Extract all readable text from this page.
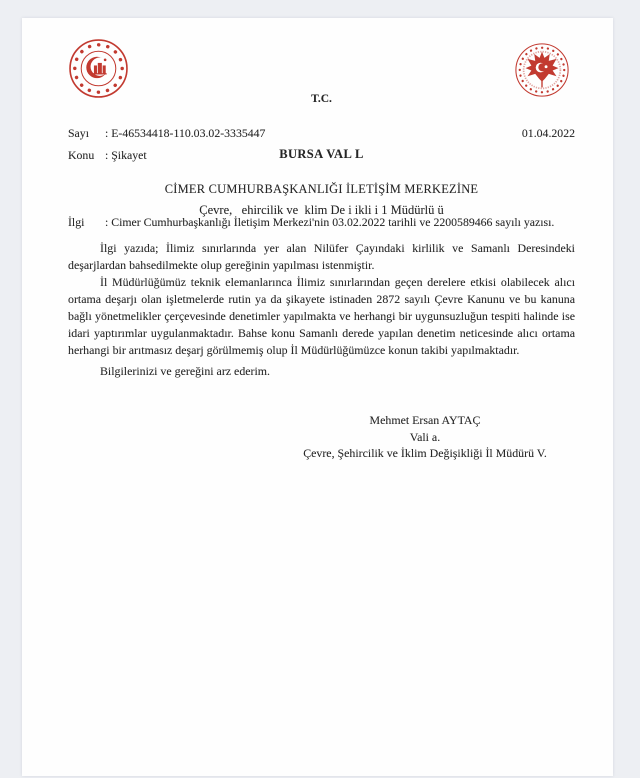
T.C.

BURSA VAL L

Çevre,   ehircilik ve  klim De i ikli i 1 Müdürlü ü

Sayı	: E-46534418-110.03.02-3335447	01.04.2022
Konu : Şikayet
CİMER CUMHURBAŞKANLIĞI İLETİŞİM MERKEZİNE
İlgi	: Cimer Cumhurbaşkanlığı İletişim Merkezi'nin 03.02.2022 tarihli ve 2200589466 sayılı yazısı.

İlgi yazıda; İlimiz sınırlarında yer alan Nilüfer Çayındaki kirlilik ve Samanlı Deresindeki deşarjlardan bahsedilmekte olup gereğinin yapılması istenmiştir.

İl Müdürlüğümüz teknik elemanlarınca İlimiz sınırlarından geçen derelere etkisi olabilecek alıcı ortama deşarjı olan işletmelerde rutin ya da şikayete istinaden 2872 sayılı Çevre Kanunu ve bu kanuna bağlı yönetmelikler çerçevesinde denetimler yapılmakta ve herhangi bir uygunsuzluğun tespiti halinde ise idari yaptırımlar uygulanmaktadır. Bahse konu Samanlı derede yapılan denetim neticesinde alıcı ortama herhangi bir arıtmasız deşarj görülmemiş olup İl Müdürlüğümüzce konun takibi yapılmaktadır.

Bilgilerinizi ve gereğini arz ederim.

Mehmet Ersan AYTAÇ
Vali a.
Çevre, Şehircilik ve İklim Değişikliği İl Müdürü V.
